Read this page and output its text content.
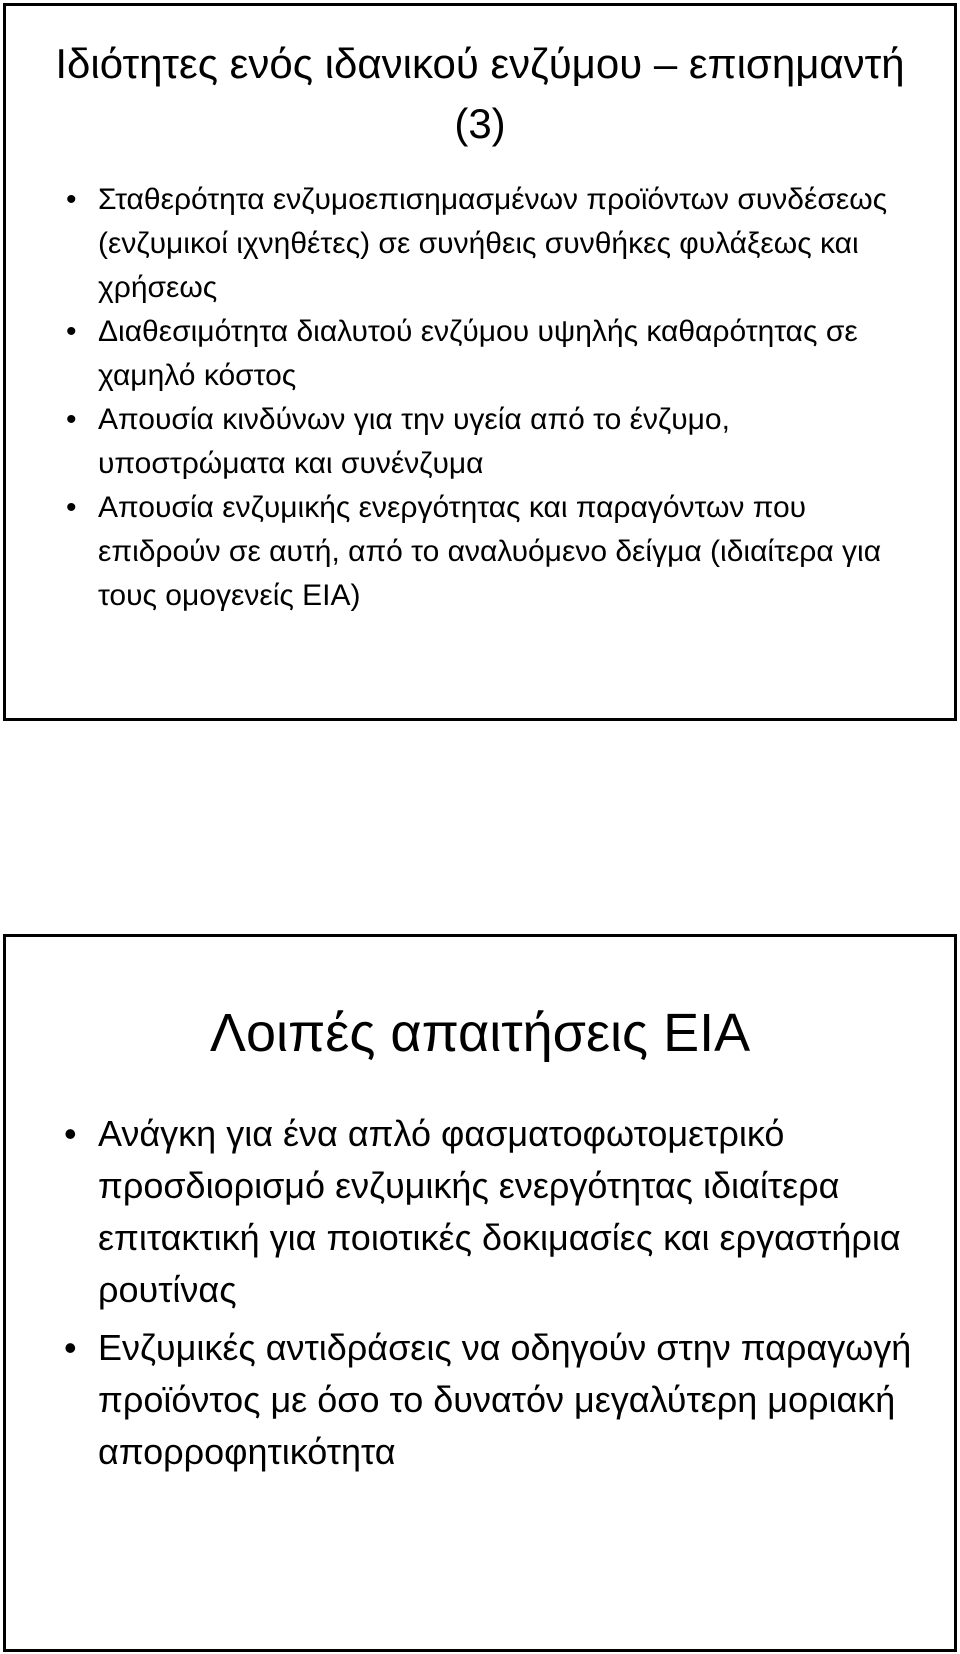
Ιδιότητες ενός ιδανικού ενζύμου – επισημαντή (3)
• Σταθερότητα ενζυμοεπισημασμένων προϊόντων συνδέσεως (ενζυμικοί ιχνηθέτες) σε συνήθεις συνθήκες φυλάξεως και χρήσεως
• Διαθεσιμότητα διαλυτού ενζύμου υψηλής καθαρότητας σε χαμηλό κόστος
• Απουσία κινδύνων για την υγεία από το ένζυμο, υποστρώματα και συνένζυμα
• Απουσία ενζυμικής ενεργότητας και παραγόντων που επιδρούν σε αυτή, από το αναλυόμενο δείγμα (ιδιαίτερα για τους ομογενείς ΕΙΑ)
Λοιπές απαιτήσεις ΕΙΑ
• Ανάγκη για ένα απλό φασματοφωτομετρικό προσδιορισμό ενζυμικής ενεργότητας ιδιαίτερα επιτακτική για ποιοτικές δοκιμασίες και εργαστήρια ρουτίνας
• Ενζυμικές αντιδράσεις να οδηγούν στην παραγωγή προϊόντος με όσο το δυνατόν μεγαλύτερη μοριακή απορροφητικότητα
